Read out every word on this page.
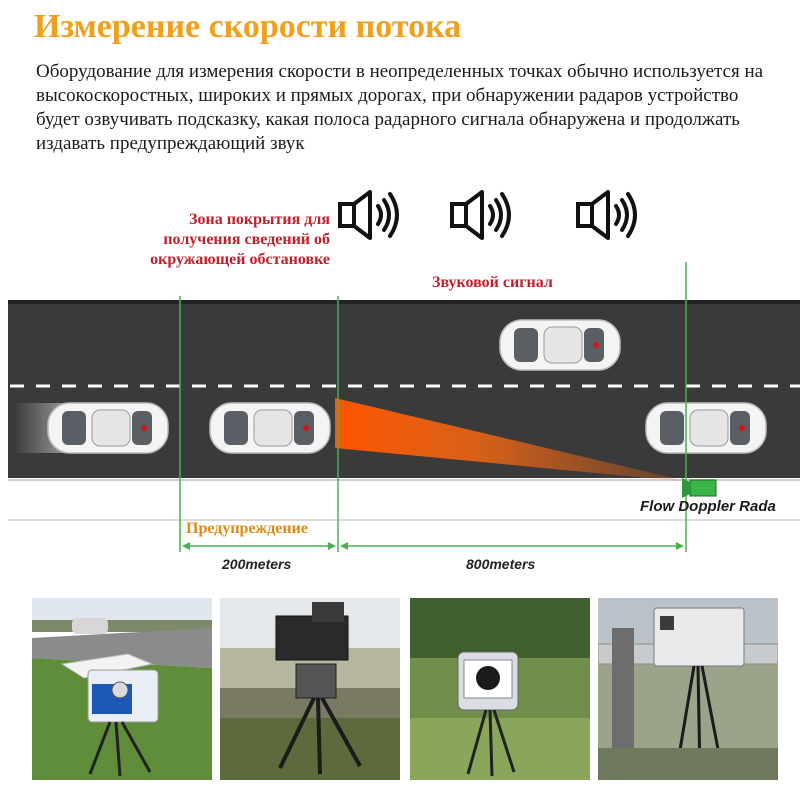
Измерение скорости потока
Оборудование для измерения скорости в неопределенных точках обычно используется на высокоскоростных, широких и прямых дорогах, при обнаружении радаров устройство будет озвучивать подсказку, какая полоса радарного сигнала обнаружена и продолжать издавать предупреждающий звук
Зона покрытия для получения сведений об окружающей обстановке
Звуковой сигнал
Предупреждение
Flow Doppler Rada
200meters	800meters
